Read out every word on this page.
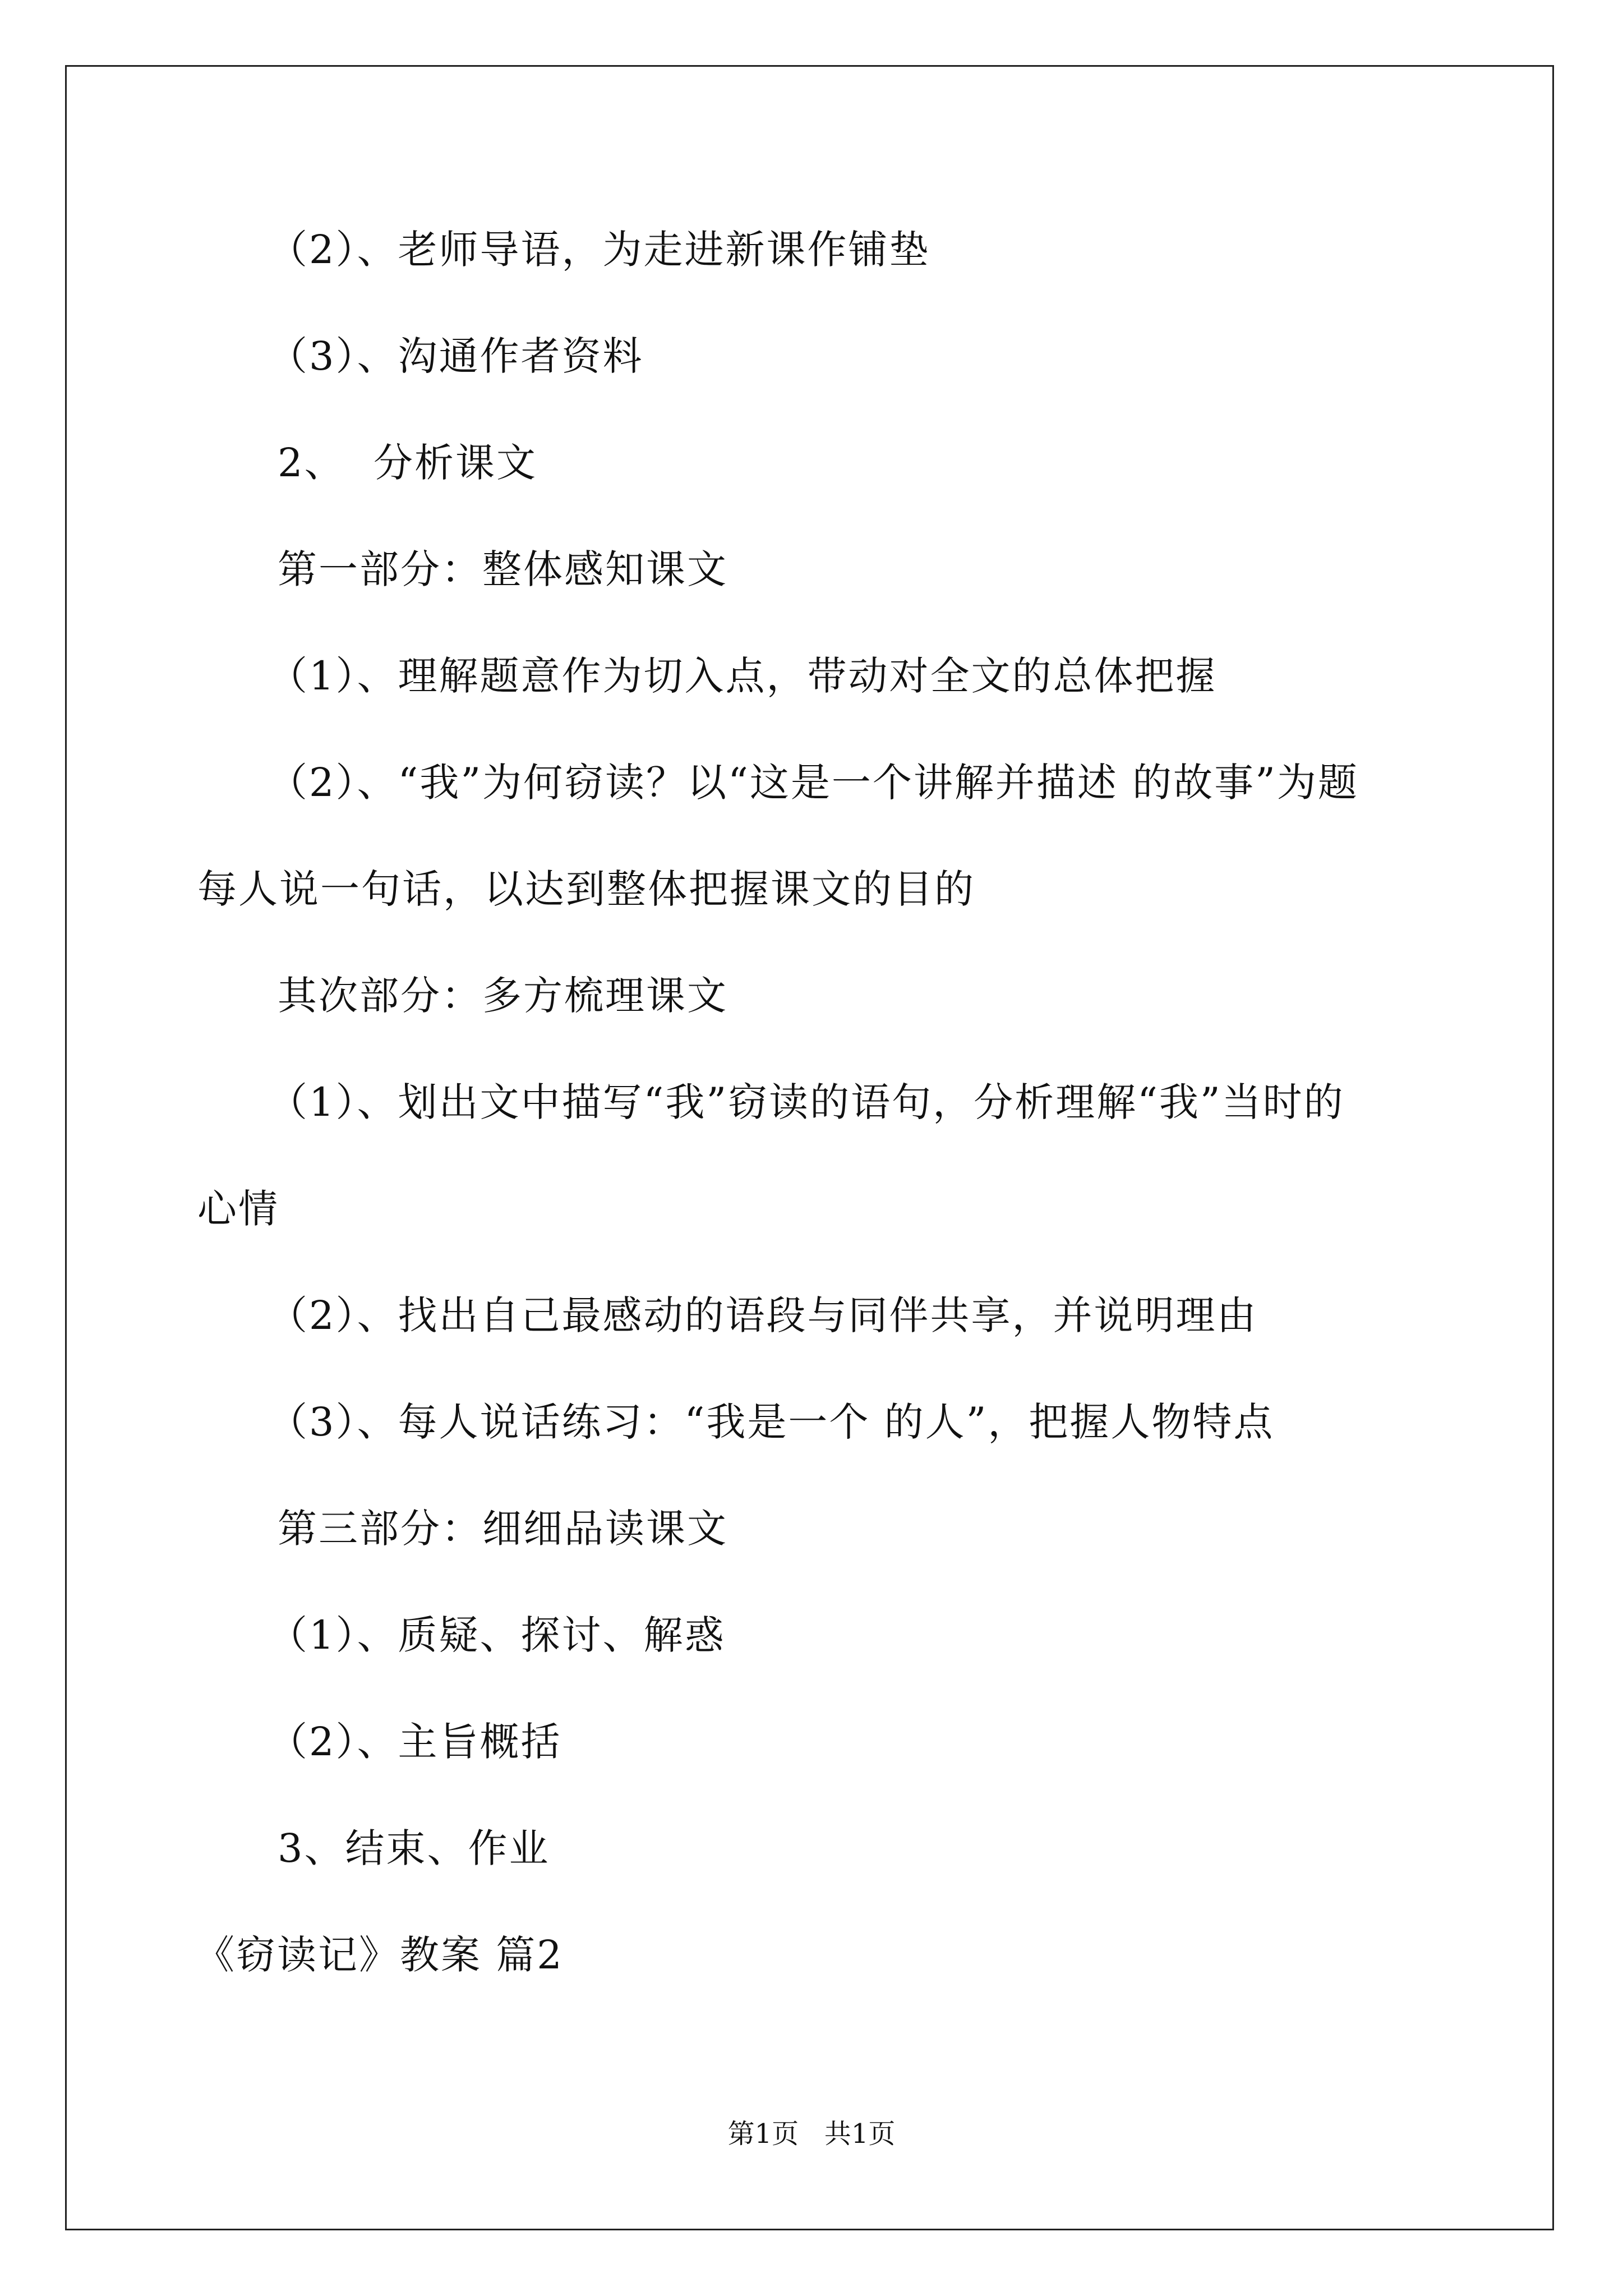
（2）、老师导语，为走进新课作铺垫
（3）、沟通作者资料
2、  分析课文
第一部分：整体感知课文
（1）、理解题意作为切入点，带动对全文的总体把握
（2）、“我”为何窃读？以“这是一个讲解并描述 的故事”为题
每人说一句话，以达到整体把握课文的目的
其次部分：多方梳理课文
（1）、划出文中描写“我”窃读的语句，分析理解“我”当时的
心情
（2）、找出自己最感动的语段与同伴共享，并说明理由
（3）、每人说话练习：“我是一个 的人”，把握人物特点
第三部分：细细品读课文
（1）、质疑、探讨、解惑
（2）、主旨概括
3、结束、作业
《窃读记》教案 篇2
第1页   共1页
